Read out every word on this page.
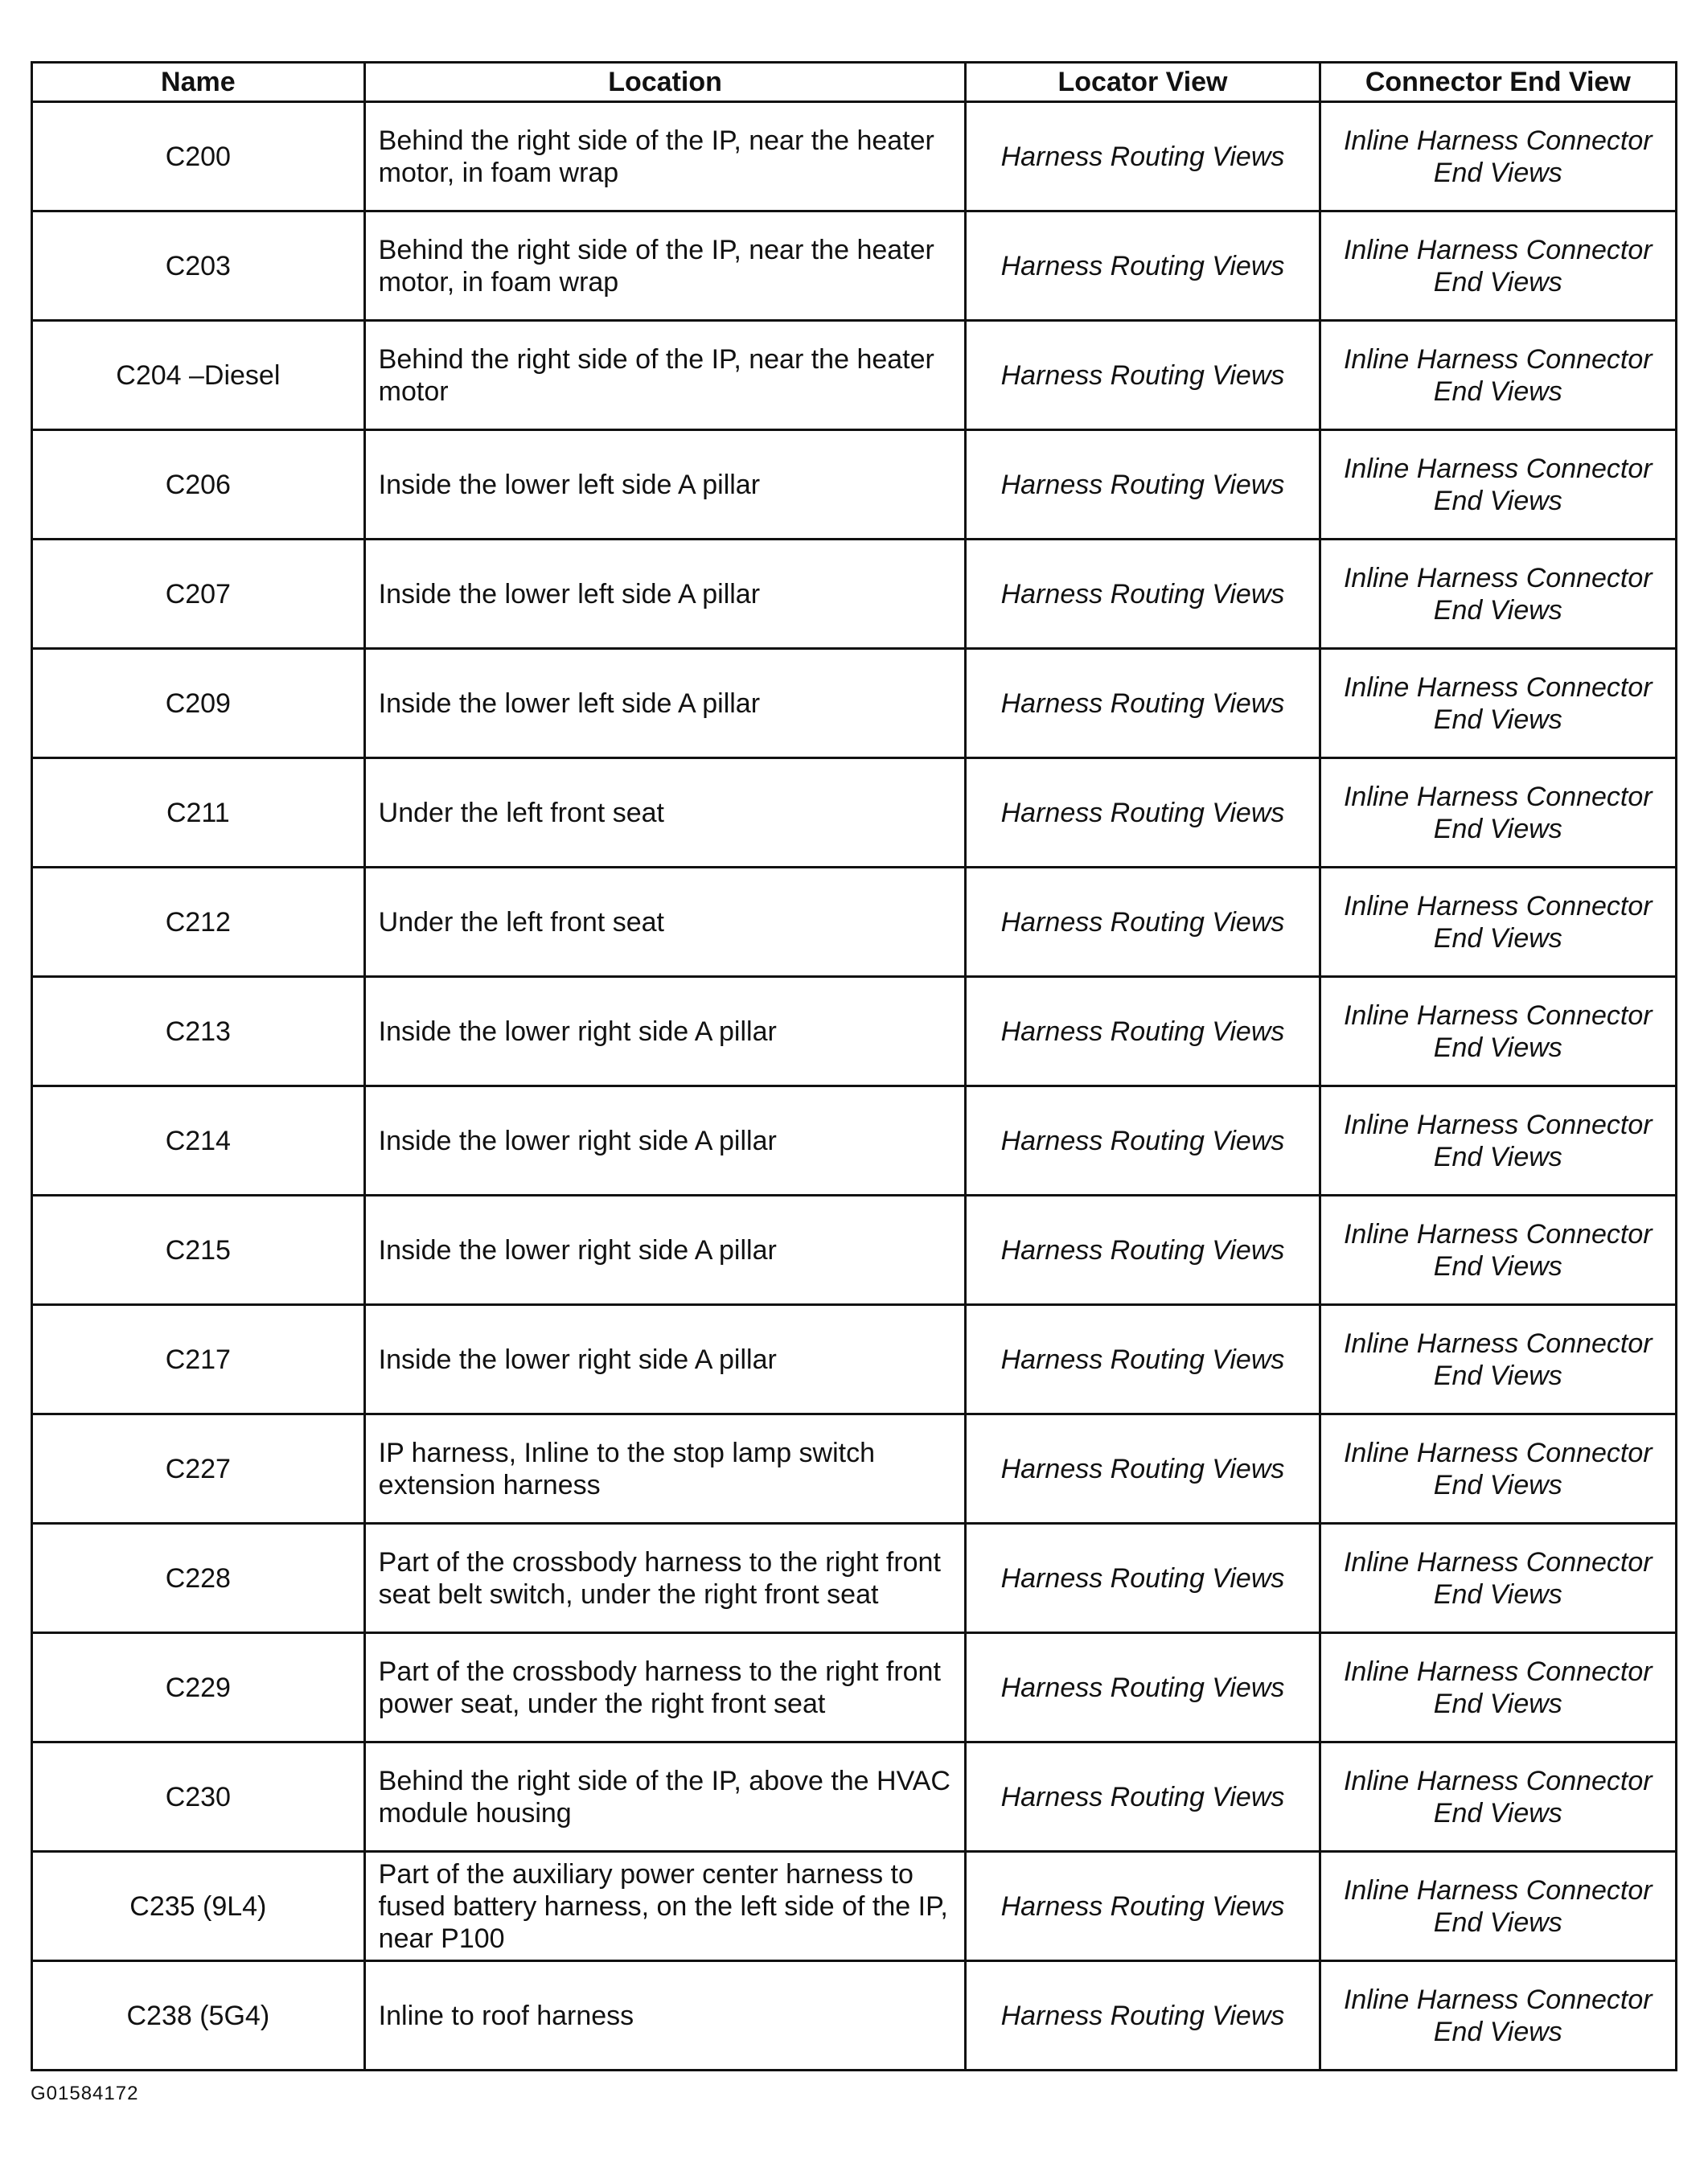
Name	Location	Locator View	Connector End View
C200	Behind the right side of the IP, near the heater motor, in foam wrap	Harness Routing Views	Inline Harness Connector End Views
C203	Behind the right side of the IP, near the heater motor, in foam wrap	Harness Routing Views	Inline Harness Connector End Views
C204 –Diesel	Behind the right side of the IP, near the heater motor	Harness Routing Views	Inline Harness Connector End Views
C206	Inside the lower left side A pillar	Harness Routing Views	Inline Harness Connector End Views
C207	Inside the lower left side A pillar	Harness Routing Views	Inline Harness Connector End Views
C209	Inside the lower left side A pillar	Harness Routing Views	Inline Harness Connector End Views
C211	Under the left front seat	Harness Routing Views	Inline Harness Connector End Views
C212	Under the left front seat	Harness Routing Views	Inline Harness Connector End Views
C213	Inside the lower right side A pillar	Harness Routing Views	Inline Harness Connector End Views
C214	Inside the lower right side A pillar	Harness Routing Views	Inline Harness Connector End Views
C215	Inside the lower right side A pillar	Harness Routing Views	Inline Harness Connector End Views
C217	Inside the lower right side A pillar	Harness Routing Views	Inline Harness Connector End Views
C227	IP harness, Inline to the stop lamp switch extension harness	Harness Routing Views	Inline Harness Connector End Views
C228	Part of the crossbody harness to the right front seat belt switch, under the right front seat	Harness Routing Views	Inline Harness Connector End Views
C229	Part of the crossbody harness to the right front power seat, under the right front seat	Harness Routing Views	Inline Harness Connector End Views
C230	Behind the right side of the IP, above the HVAC module housing	Harness Routing Views	Inline Harness Connector End Views
C235 (9L4)	Part of the auxiliary power center harness to fused battery harness, on the left side of the IP, near P100	Harness Routing Views	Inline Harness Connector End Views
C238 (5G4)	Inline to roof harness	Harness Routing Views	Inline Harness Connector End Views
G01584172
